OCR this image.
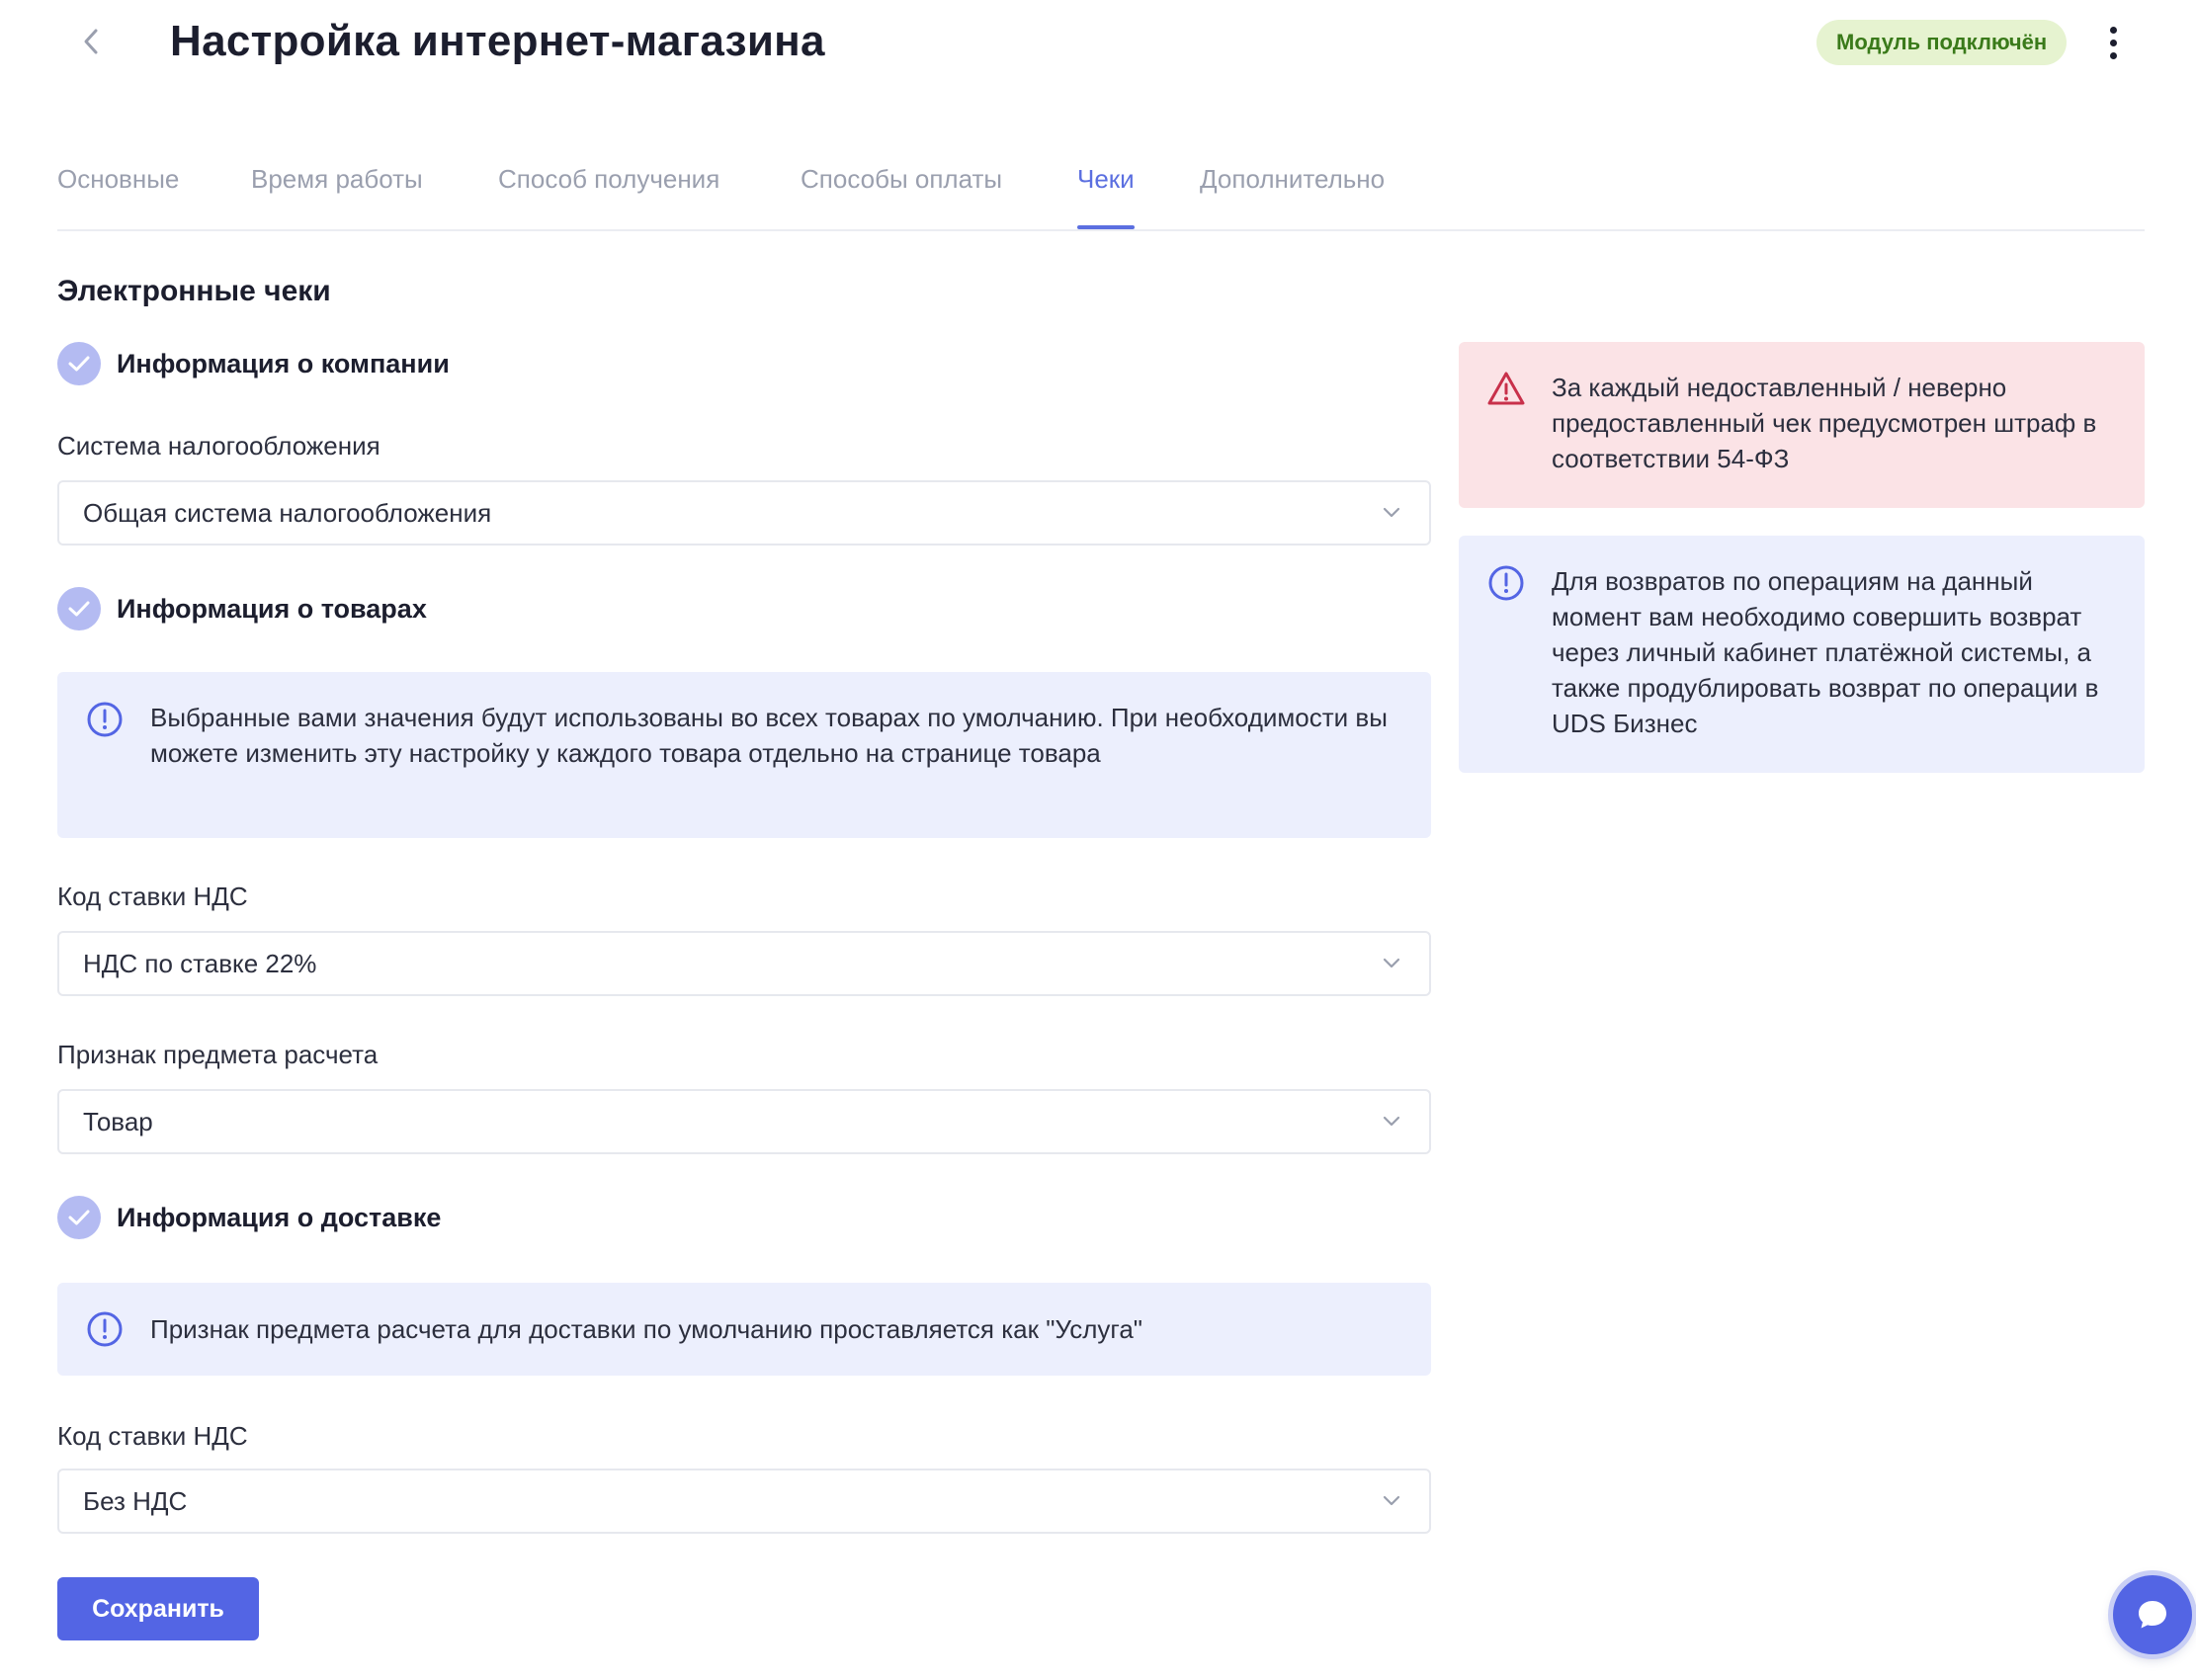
Настройка интернет-магазина	Модуль подключён
Основные	Время работы	Способ получения	Способы оплаты	Чеки	Дополнительно
Электронные чеки
Информация о компании
Система налогообложения
Общая система налогообложения
Информация о товарах
Выбранные вами значения будут использованы во всех товарах по умолчанию. При необходимости вы можете изменить эту настройку у каждого товара отдельно на странице товара
Код ставки НДС
НДС по ставке 22%
Признак предмета расчета
Товар
Информация о доставке
Признак предмета расчета для доставки по умолчанию проставляется как "Услуга"
Код ставки НДС
Без НДС
Сохранить
За каждый недоставленный / неверно предоставленный чек предусмотрен штраф в соответствии 54-ФЗ
Для возвратов по операциям на данный момент вам необходимо совершить возврат через личный кабинет платёжной системы, а также продублировать возврат по операции в UDS Бизнес
